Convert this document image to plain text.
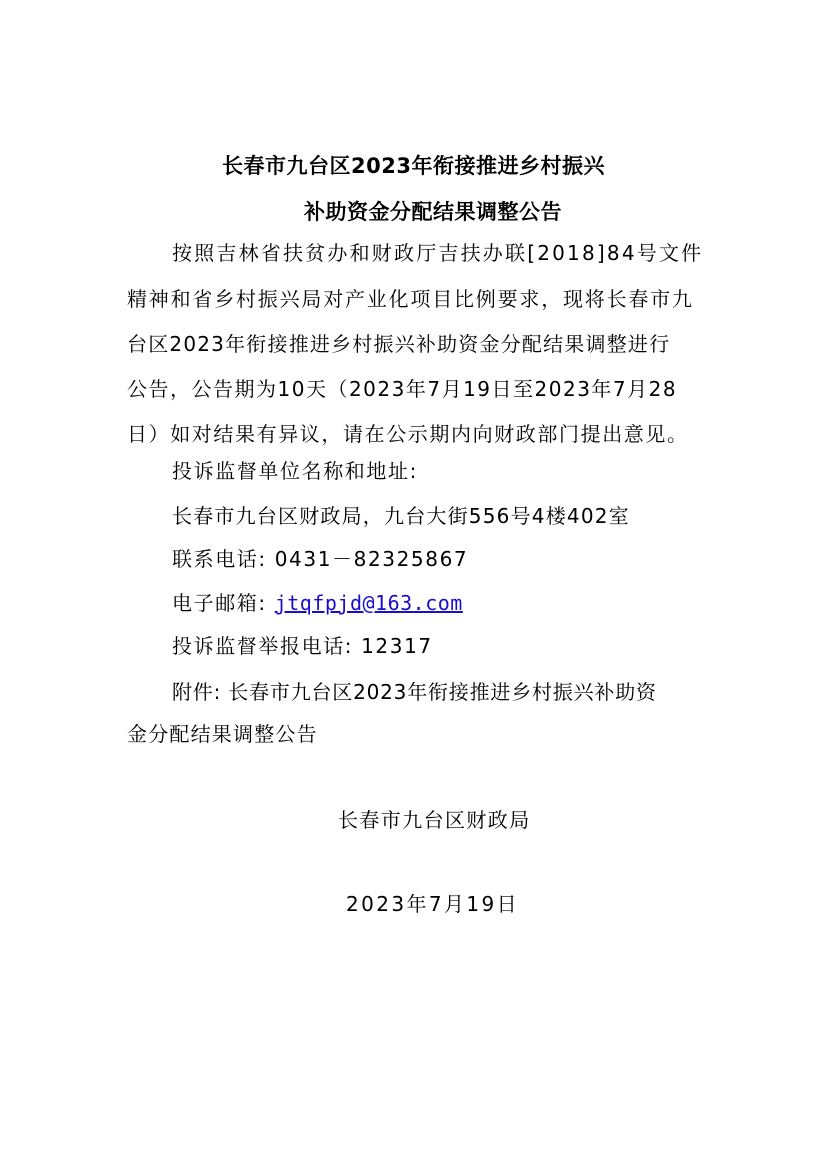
长春市九台区2023年衔接推进乡村振兴
补助资金分配结果调整公告
按照吉林省扶贫办和财政厅吉扶办联[2018]84号文件
精神和省乡村振兴局对产业化项目比例要求，现将长春市九
台区2023年衔接推进乡村振兴补助资金分配结果调整进行
公告，公告期为10天（2023年7月19日至2023年7月28
日）如对结果有异议，请在公示期内向财政部门提出意见。
投诉监督单位名称和地址:
长春市九台区财政局，九台大街556号4楼402室
联系电话: 0431－82325867
电子邮箱: jtqfpjd@163.com
投诉监督举报电话: 12317
附件: 长春市九台区2023年衔接推进乡村振兴补助资
金分配结果调整公告
长春市九台区财政局
2023年7月19日
